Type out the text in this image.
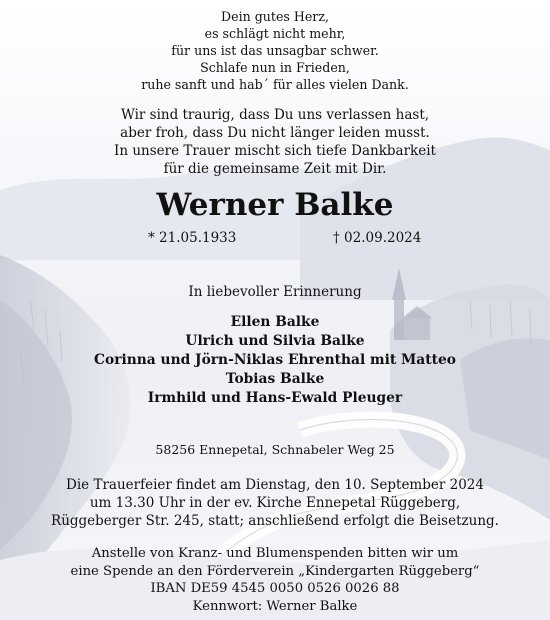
Dein gutes Herz,
es schlägt nicht mehr,
für uns ist das unsagbar schwer.
Schlafe nun in Frieden,
ruhe sanft und hab´ für alles vielen Dank.
Wir sind traurig, dass Du uns verlassen hast,
aber froh, dass Du nicht länger leiden musst.
In unsere Trauer mischt sich tiefe Dankbarkeit
für die gemeinsame Zeit mit Dir.
Werner Balke
* 21.05.1933	† 02.09.2024
In liebevoller Erinnerung
Ellen Balke
Ulrich und Silvia Balke
Corinna und Jörn-Niklas Ehrenthal mit Matteo
Tobias Balke
Irmhild und Hans-Ewald Pleuger
58256 Ennepetal, Schnabeler Weg 25
Die Trauerfeier findet am Dienstag, den 10. September 2024
um 13.30 Uhr in der ev. Kirche Ennepetal Rüggeberg,
Rüggeberger Str. 245, statt; anschließend erfolgt die Beisetzung.
Anstelle von Kranz- und Blumenspenden bitten wir um
eine Spende an den Förderverein „Kindergarten Rüggeberg“
IBAN DE59 4545 0050 0526 0026 88
Kennwort: Werner Balke
